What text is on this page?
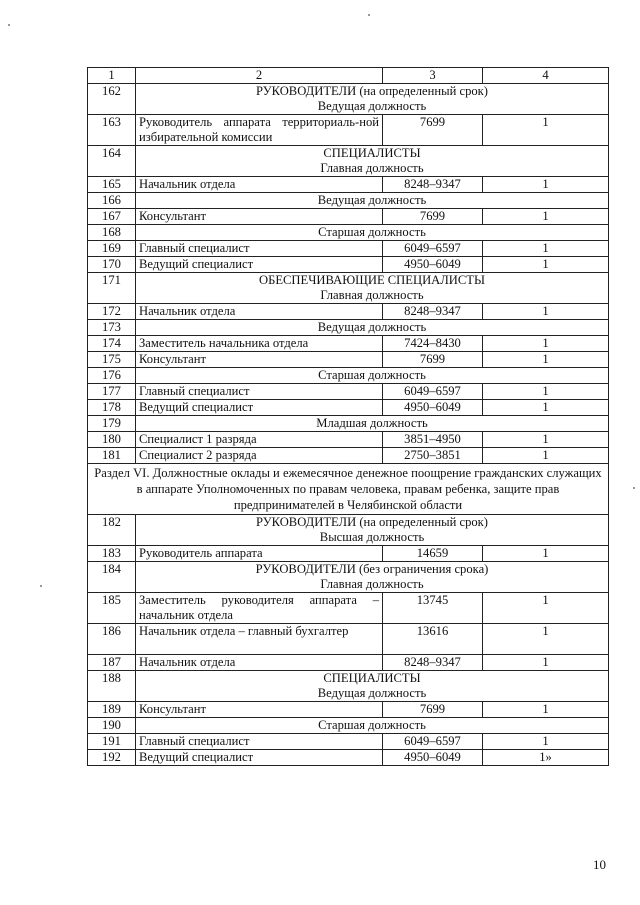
1	2	3	4
162	РУКОВОДИТЕЛИ (на определенный срок)
Ведущая должность		

163	Руководитель аппарата территориаль-ной избирательной комиссии	7699	1
164	СПЕЦИАЛИСТЫ
Главная должность		

165	Начальник отдела	8248–9347	1
166	Ведущая должность		

167	Консультант	7699	1
168	Старшая должность		

169	Главный специалист	6049–6597	1
170	Ведущий специалист	4950–6049	1
171	ОБЕСПЕЧИВАЮЩИЕ СПЕЦИАЛИСТЫ
Главная должность		

172	Начальник отдела	8248–9347	1
173	Ведущая должность		

174	Заместитель начальника отдела	7424–8430	1
175	Консультант	7699	1
176	Старшая должность		

177	Главный специалист	6049–6597	1
178	Ведущий специалист	4950–6049	1
179	Младшая должность		

180	Специалист 1 разряда	3851–4950	1
181	Специалист 2 разряда	2750–3851	1
Раздел VI. Должностные оклады и ежемесячное денежное поощрение гражданских служащих в аппарате Уполномоченных по правам человека, правам ребенка, защите прав предпринимателей в Челябинской области			
182	РУКОВОДИТЕЛИ (на определенный срок)
Высшая должность		

183	Руководитель аппарата	14659	1
184	РУКОВОДИТЕЛИ (без ограничения срока)
Главная должность		

185	Заместитель руководителя аппарата – начальник отдела	13745	1
186	Начальник отдела – главный бухгалтер	13616	1
187	Начальник отдела	8248–9347	1
188	СПЕЦИАЛИСТЫ
Ведущая должность		

189	Консультант	7699	1
190	Старшая должность		

191	Главный специалист	6049–6597	1
192	Ведущий специалист	4950–6049	1»
10
